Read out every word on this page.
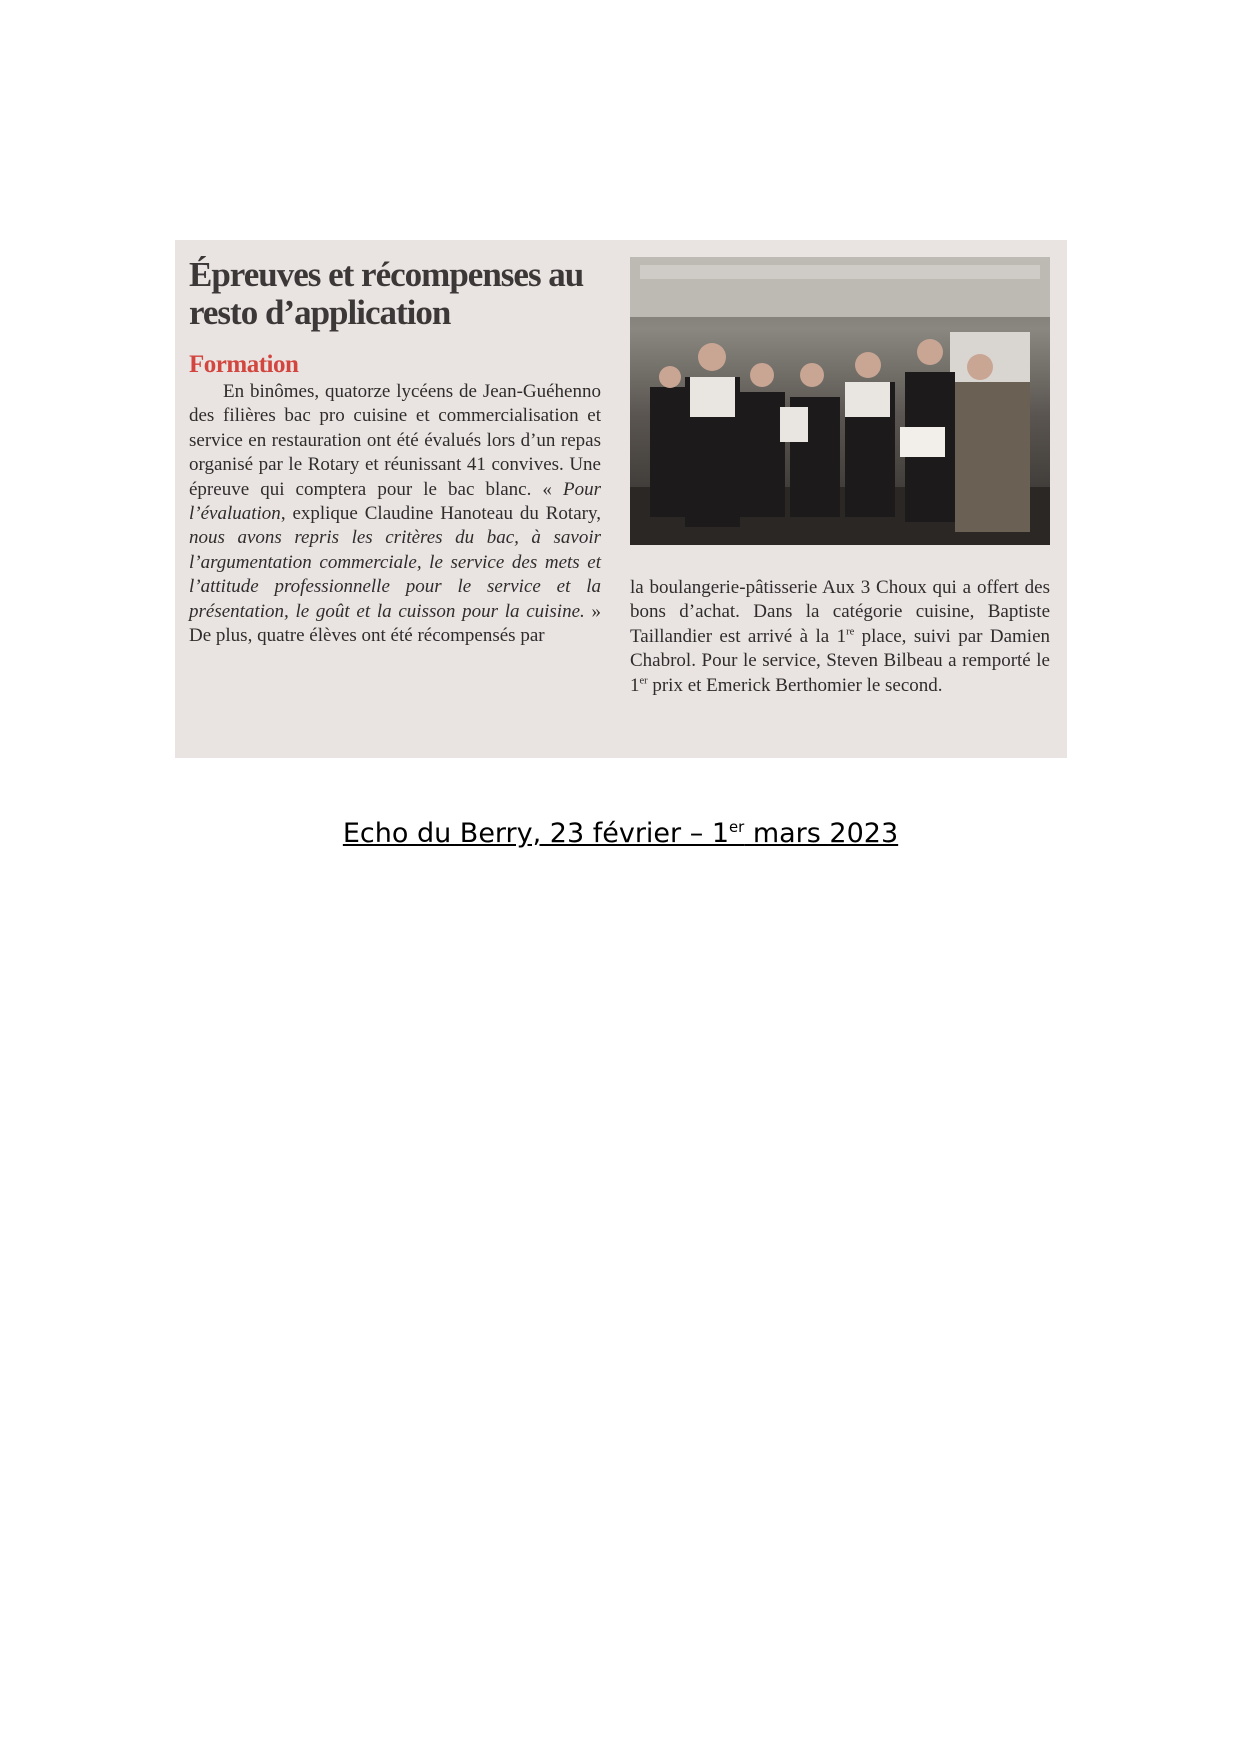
Épreuves et récompenses au resto d’application
Formation

En binômes, quatorze lycéens de Jean-Guéhenno des filières bac pro cuisine et commercialisation et service en restauration ont été évalués lors d’un repas organisé par le Rotary et réunissant 41 convives. Une épreuve qui comptera pour le bac blanc. « Pour l’évaluation, explique Claudine Hanoteau du Rotary, nous avons repris les critères du bac, à savoir l’argumentation commerciale, le service des mets et l’attitude professionnelle pour le service et la présentation, le goût et la cuisson pour la cuisine. » De plus, quatre élèves ont été récompensés par

la boulangerie-pâtisserie Aux 3 Choux qui a offert des bons d’achat. Dans la catégorie cuisine, Baptiste Taillandier est arrivé à la 1re place, suivi par Damien Chabrol. Pour le service, Steven Bilbeau a remporté le 1er prix et Emerick Berthomier le second.

Echo du Berry, 23 février – 1er mars 2023
